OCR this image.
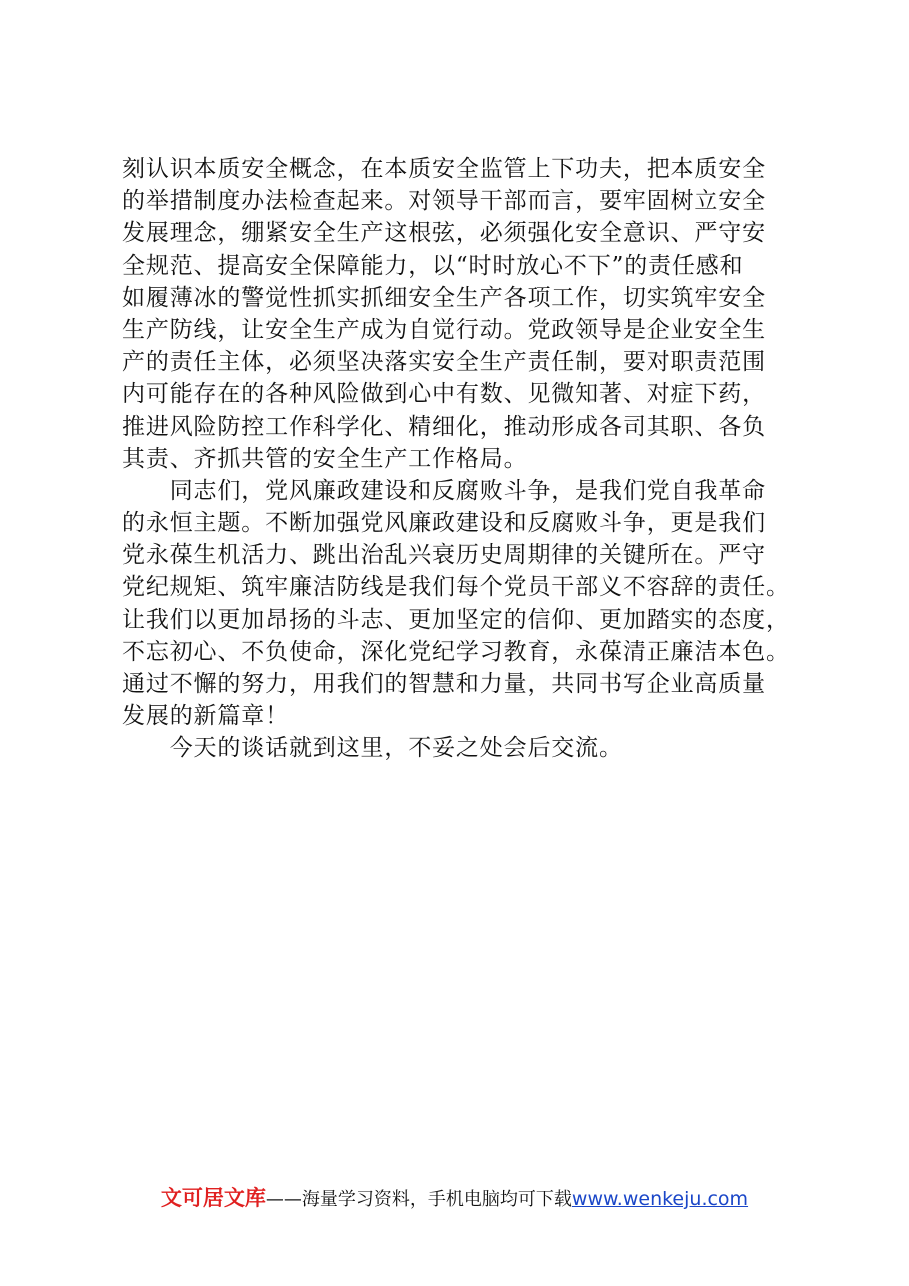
刻认识本质安全概念，在本质安全监管上下功夫，把本质安全
的举措制度办法检查起来。对领导干部而言，要牢固树立安全
发展理念，绷紧安全生产这根弦，必须强化安全意识、严守安
全规范、提高安全保障能力，以“时时放心不下”的责任感和
如履薄冰的警觉性抓实抓细安全生产各项工作，切实筑牢安全
生产防线，让安全生产成为自觉行动。党政领导是企业安全生
产的责任主体，必须坚决落实安全生产责任制，要对职责范围
内可能存在的各种风险做到心中有数、见微知著、对症下药，
推进风险防控工作科学化、精细化，推动形成各司其职、各负
其责、齐抓共管的安全生产工作格局。
　　同志们，党风廉政建设和反腐败斗争，是我们党自我革命
的永恒主题。不断加强党风廉政建设和反腐败斗争，更是我们
党永葆生机活力、跳出治乱兴衰历史周期律的关键所在。严守
党纪规矩、筑牢廉洁防线是我们每个党员干部义不容辞的责任。
让我们以更加昂扬的斗志、更加坚定的信仰、更加踏实的态度，
不忘初心、不负使命，深化党纪学习教育，永葆清正廉洁本色。
通过不懈的努力，用我们的智慧和力量，共同书写企业高质量
发展的新篇章！
　　今天的谈话就到这里，不妥之处会后交流。
文可居文库——海量学习资料，手机电脑均可下载www.wenkeju.com
